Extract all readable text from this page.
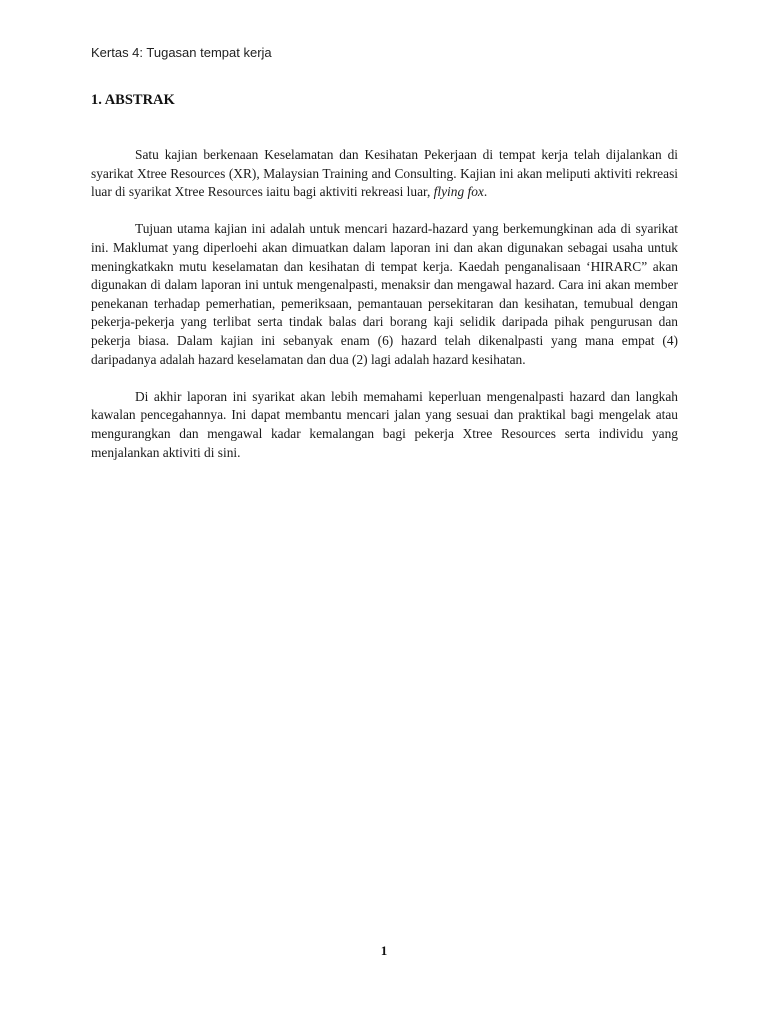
Kertas 4: Tugasan tempat kerja
1. ABSTRAK

Satu kajian berkenaan Keselamatan dan Kesihatan Pekerjaan di tempat kerja telah dijalankan di syarikat Xtree Resources (XR), Malaysian Training and Consulting. Kajian ini akan meliputi aktiviti rekreasi luar di syarikat Xtree Resources iaitu bagi aktiviti rekreasi luar, flying fox.

Tujuan utama kajian ini adalah untuk mencari hazard-hazard yang berkemungkinan ada di syarikat ini. Maklumat yang diperloehi akan dimuatkan dalam laporan ini dan akan digunakan sebagai usaha untuk meningkatkakn mutu keselamatan dan kesihatan di tempat kerja. Kaedah penganalisaan ‘HIRARC” akan digunakan di dalam laporan ini untuk mengenalpasti, menaksir dan mengawal hazard. Cara ini akan member penekanan terhadap pemerhatian, pemeriksaan, pemantauan persekitaran dan kesihatan, temubual dengan pekerja-pekerja yang terlibat serta tindak balas dari borang kaji selidik daripada pihak pengurusan dan pekerja biasa. Dalam kajian ini sebanyak enam (6) hazard telah dikenalpasti yang mana empat (4) daripadanya adalah hazard keselamatan dan dua (2) lagi adalah hazard kesihatan.

Di akhir laporan ini syarikat akan lebih memahami keperluan mengenalpasti hazard dan langkah kawalan pencegahannya. Ini dapat membantu mencari jalan yang sesuai dan praktikal bagi mengelak atau mengurangkan dan mengawal kadar kemalangan bagi pekerja Xtree Resources serta individu yang menjalankan aktiviti di sini.

1
